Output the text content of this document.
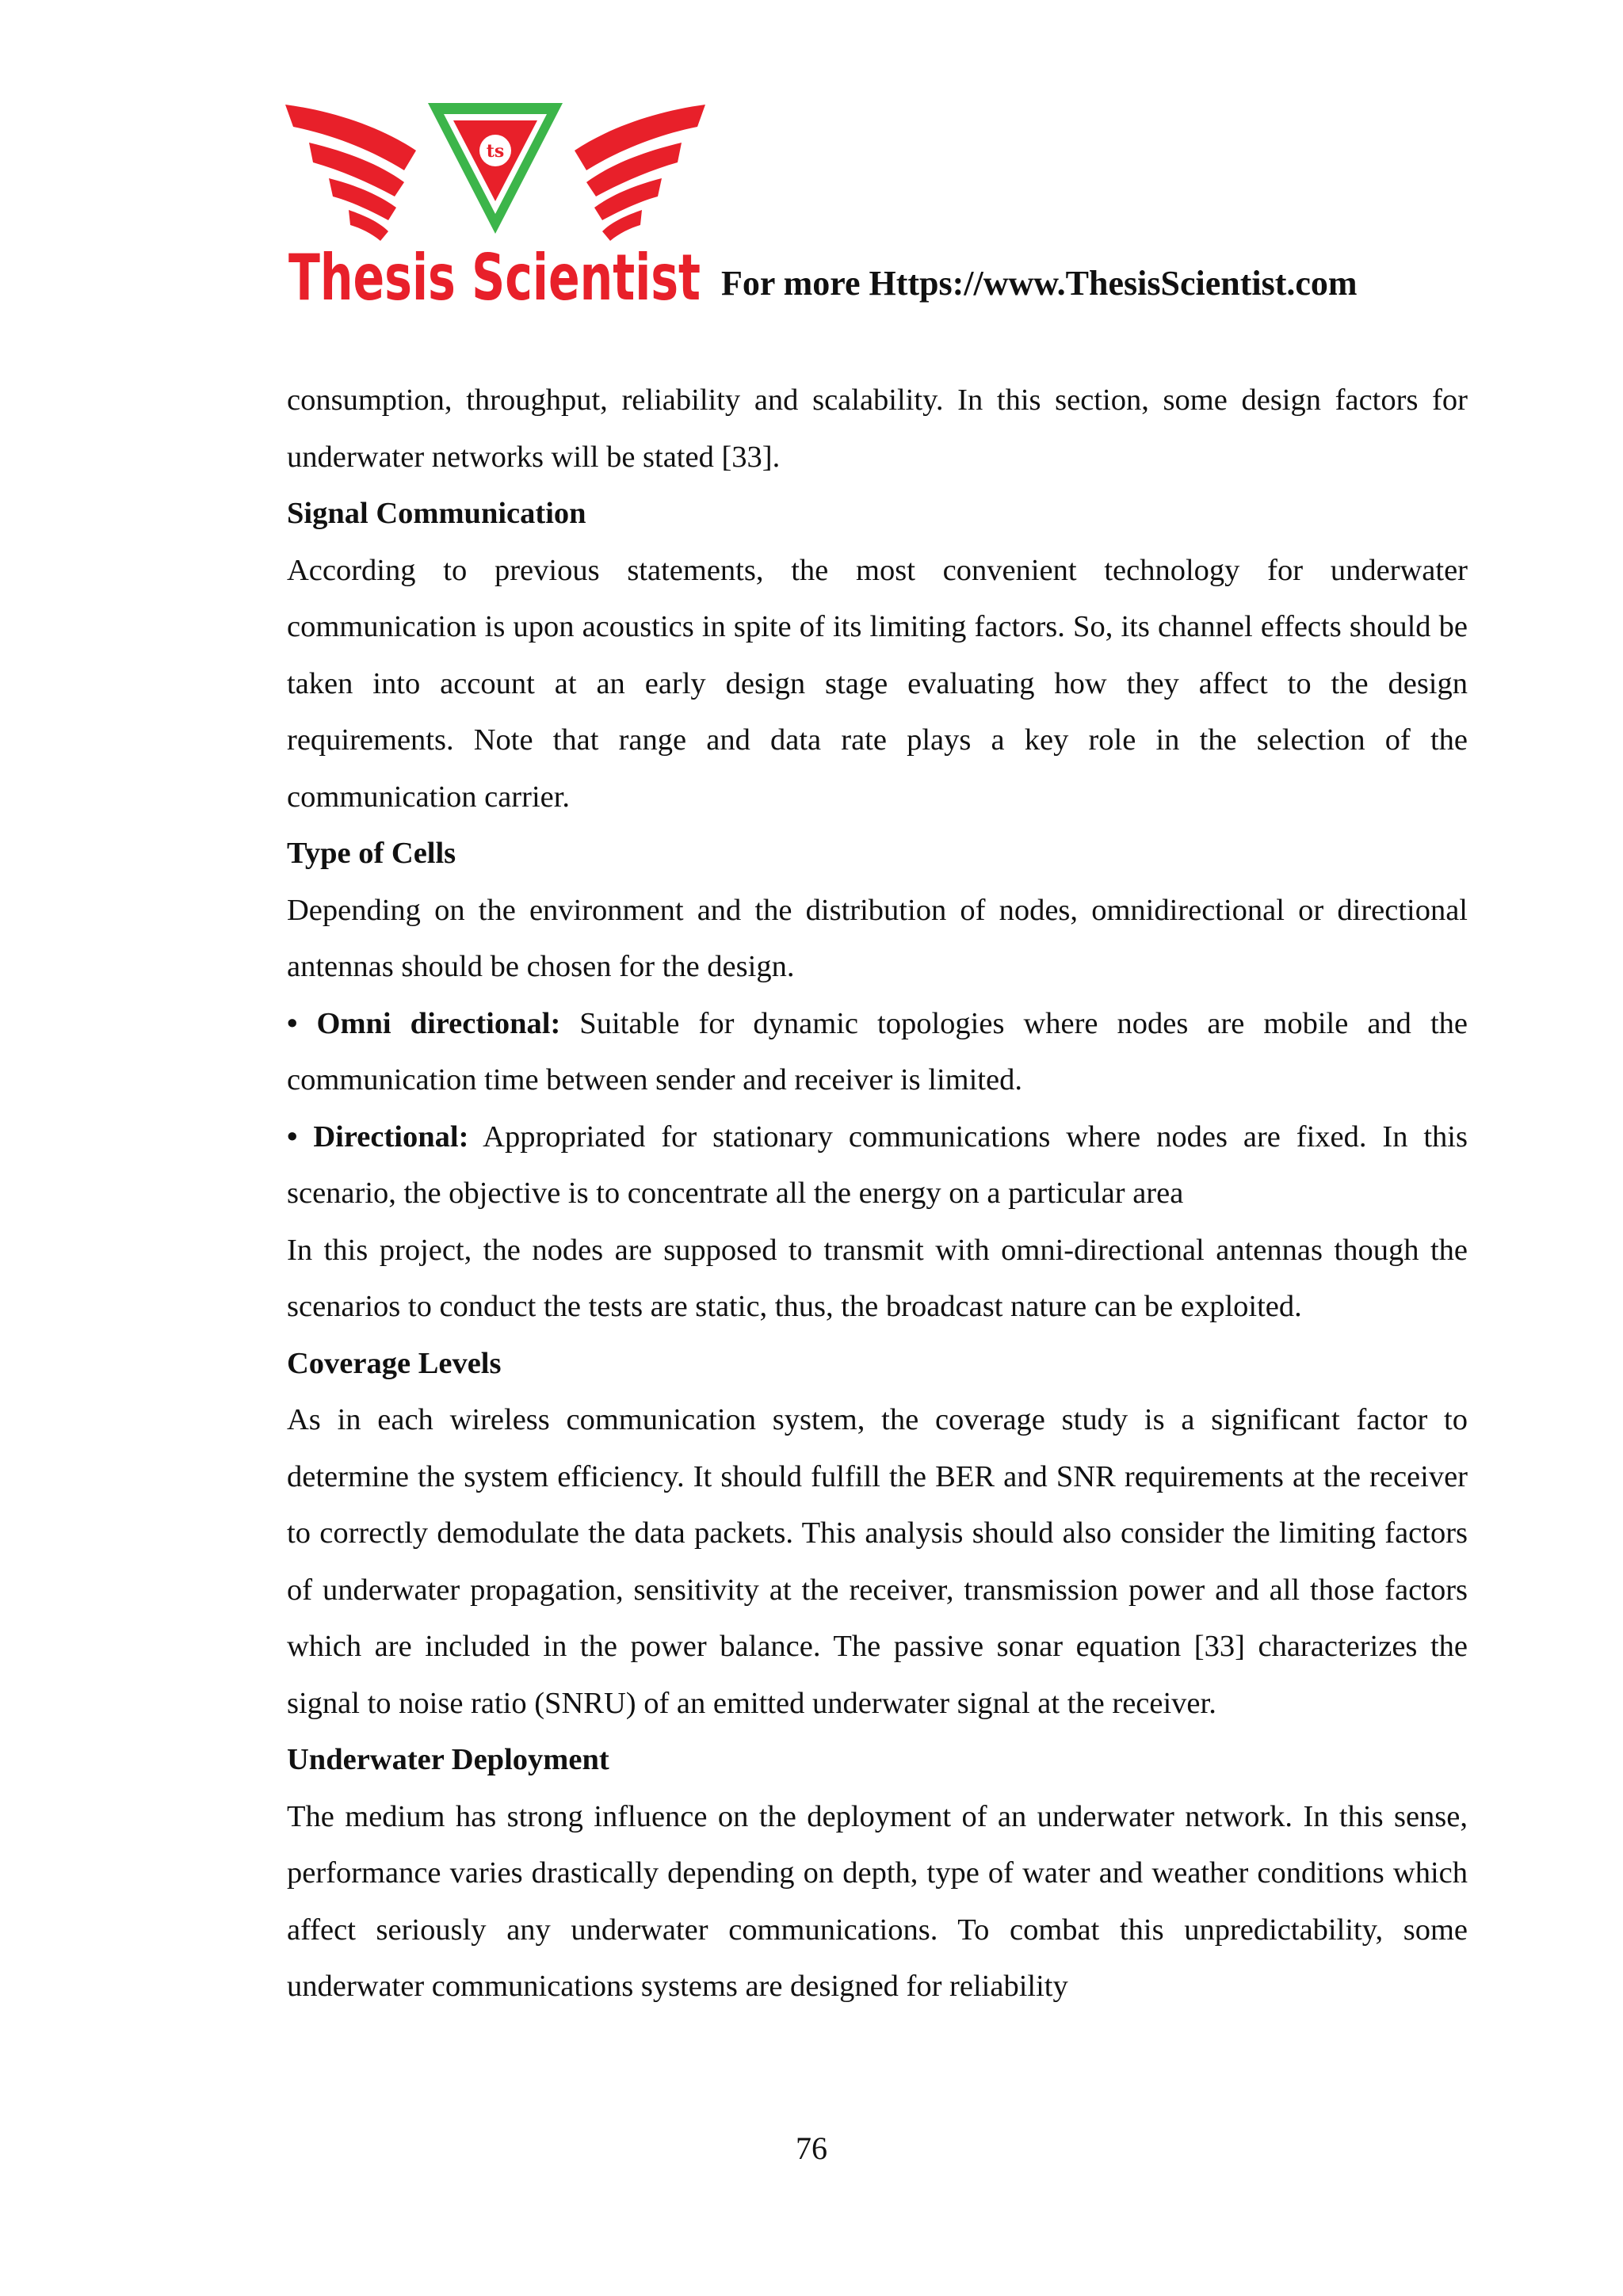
ts
Thesis Scientist For more Https://www.ThesisScientist.com

consumption, throughput, reliability and scalability. In this section, some design factors for underwater networks will be stated [33].

Signal Communication

According to previous statements, the most convenient technology for underwater communication is upon acoustics in spite of its limiting factors. So, its channel effects should be taken into account at an early design stage evaluating how they affect to the design requirements. Note that range and data rate plays a key role in the selection of the communication carrier.

Type of Cells

Depending on the environment and the distribution of nodes, omnidirectional or directional antennas should be chosen for the design.

• Omni directional: Suitable for dynamic topologies where nodes are mobile and the communication time between sender and receiver is limited.

• Directional: Appropriated for stationary communications where nodes are fixed. In this scenario, the objective is to concentrate all the energy on a particular area

In this project, the nodes are supposed to transmit with omni-directional antennas though the scenarios to conduct the tests are static, thus, the broadcast nature can be exploited.

Coverage Levels

As in each wireless communication system, the coverage study is a significant factor to determine the system efficiency. It should fulfill the BER and SNR requirements at the receiver to correctly demodulate the data packets. This analysis should also consider the limiting factors of underwater propagation, sensitivity at the receiver, transmission power and all those factors which are included in the power balance. The passive sonar equation [33] characterizes the signal to noise ratio (SNRU) of an emitted underwater signal at the receiver.

Underwater Deployment

The medium has strong influence on the deployment of an underwater network. In this sense, performance varies drastically depending on depth, type of water and weather conditions which affect seriously any underwater communications. To combat this unpredictability, some underwater communications systems are designed for reliability

76
